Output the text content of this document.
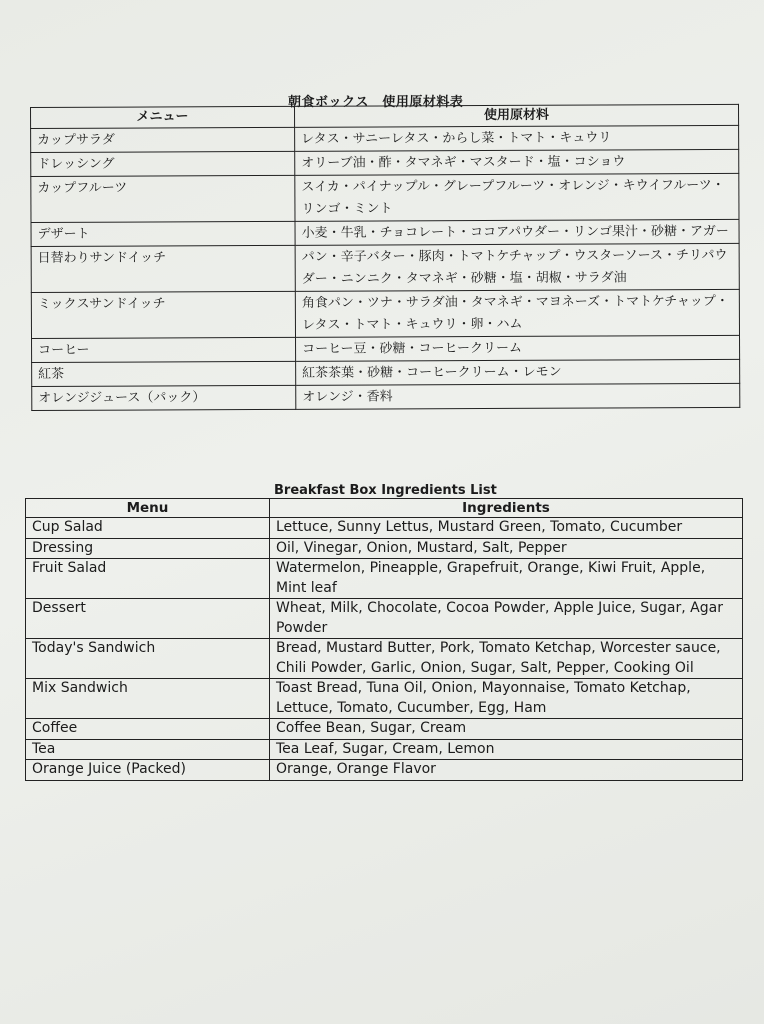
朝食ボックス　使用原材料表
メニュー	使用原材料
カップサラダ	レタス・サニーレタス・からし菜・トマト・キュウリ
ドレッシング	オリーブ油・酢・タマネギ・マスタード・塩・コショウ
カップフルーツ	スイカ・パイナップル・グレープフルーツ・オレンジ・キウイフルーツ・リンゴ・ミント
デザート	小麦・牛乳・チョコレート・ココアパウダー・リンゴ果汁・砂糖・アガー
日替わりサンドイッチ	パン・辛子バター・豚肉・トマトケチャップ・ウスターソース・チリパウダー・ニンニク・タマネギ・砂糖・塩・胡椒・サラダ油
ミックスサンドイッチ	角食パン・ツナ・サラダ油・タマネギ・マヨネーズ・トマトケチャップ・レタス・トマト・キュウリ・卵・ハム
コーヒー	コーヒー豆・砂糖・コーヒークリーム
紅茶	紅茶茶葉・砂糖・コーヒークリーム・レモン
オレンジジュース（パック）	オレンジ・香料
Breakfast Box Ingredients List
Menu	Ingredients
Cup Salad	Lettuce, Sunny Lettus, Mustard Green, Tomato, Cucumber
Dressing	Oil, Vinegar, Onion, Mustard, Salt, Pepper
Fruit Salad	Watermelon, Pineapple, Grapefruit, Orange, Kiwi Fruit, Apple, Mint leaf
Dessert	Wheat, Milk, Chocolate, Cocoa Powder, Apple Juice, Sugar, Agar Powder
Today's Sandwich	Bread, Mustard Butter, Pork, Tomato Ketchap, Worcester sauce, Chili Powder, Garlic, Onion, Sugar, Salt, Pepper, Cooking Oil
Mix Sandwich	Toast Bread, Tuna Oil, Onion, Mayonnaise, Tomato Ketchap, Lettuce, Tomato, Cucumber, Egg, Ham
Coffee	Coffee Bean, Sugar, Cream
Tea	Tea Leaf, Sugar, Cream, Lemon
Orange Juice (Packed)	Orange, Orange Flavor
